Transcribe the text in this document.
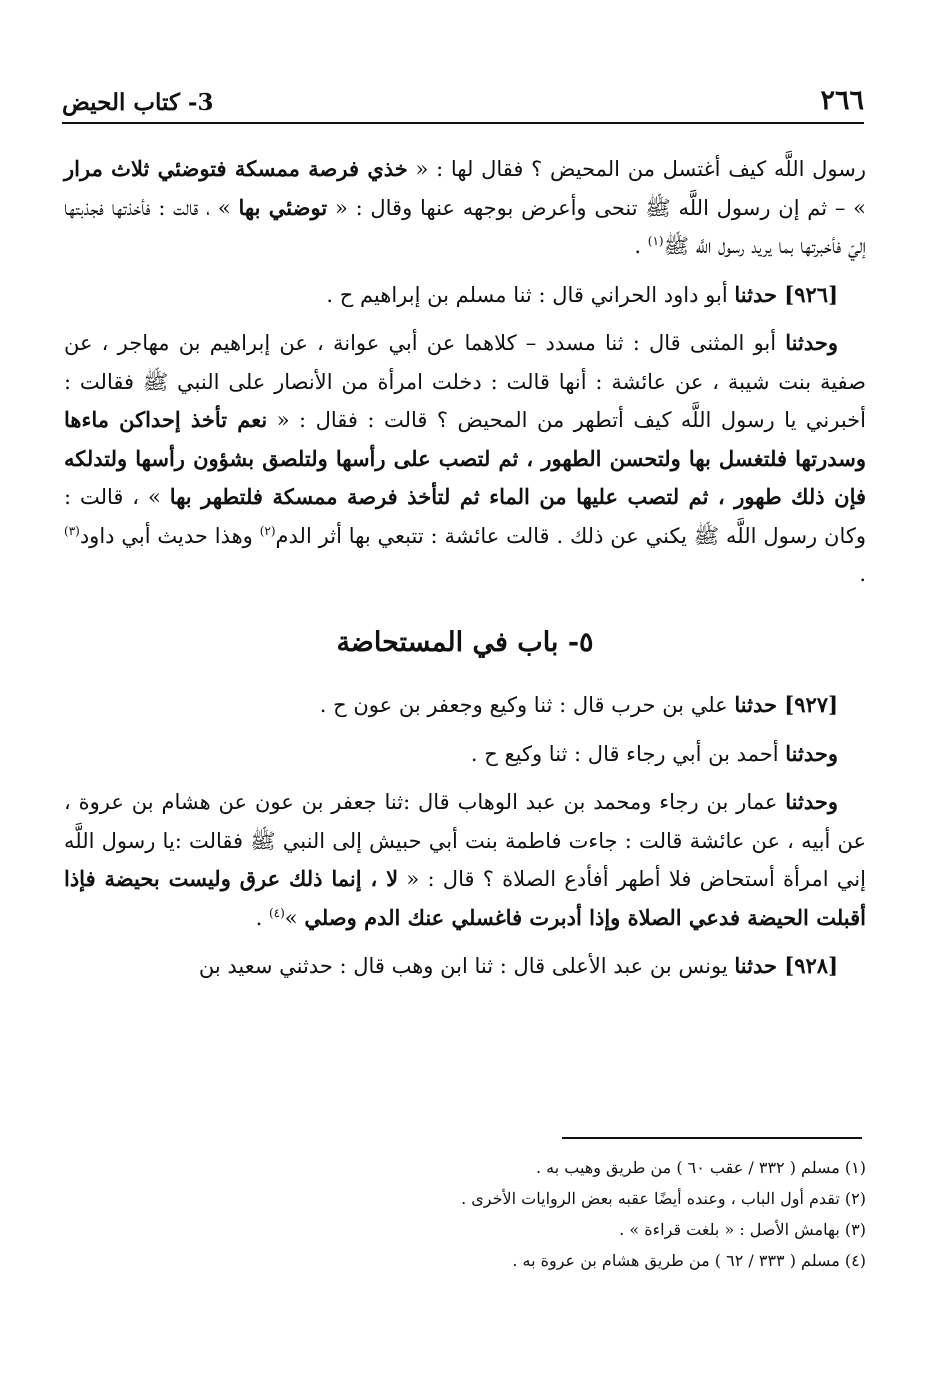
٢٦٦
3- كتاب الحيض

رسول اللَّه كيف أغتسل من المحيض ؟ فقال لها : « خذي فرصة ممسكة فتوضئي ثلاث مرار » – ثم إن رسول اللَّه ﷺ تنحى وأعرض بوجهه عنها وقال : « توضئي بها » ، قالت : فأخذتها فجذبتها إليّ فأخبرتها بما يريد رسول اللَّه ﷺ$^{(١)}$ .

[٩٢٦] حدثنا أبو داود الحراني قال : ثنا مسلم بن إبراهيم ح .

وحدثنا أبو المثنى قال : ثنا مسدد – كلاهما عن أبي عوانة ، عن إبراهيم بن مهاجر ، عن صفية بنت شيبة ، عن عائشة : أنها قالت : دخلت امرأة من الأنصار على النبي ﷺ فقالت : أخبرني يا رسول اللَّه كيف أتطهر من المحيض ؟ قالت : فقال : « نعم تأخذ إحداكن ماءها وسدرتها فلتغسل بها ولتحسن الطهور ، ثم لتصب على رأسها ولتلصق بشؤون رأسها ولتدلكه فإن ذلك طهور ، ثم لتصب عليها من الماء ثم لتأخذ فرصة ممسكة فلتطهر بها » ، قالت : وكان رسول اللَّه ﷺ يكني عن ذلك . قالت عائشة : تتبعي بها أثر الدم$^{(٢)}$ وهذا حديث أبي داود$^{(٣)}$ .

٥- باب في المستحاضة

[٩٢٧] حدثنا علي بن حرب قال : ثنا وكيع وجعفر بن عون ح .

وحدثنا أحمد بن أبي رجاء قال : ثنا وكيع ح .

وحدثنا عمار بن رجاء ومحمد بن عبد الوهاب قال :ثنا جعفر بن عون عن هشام بن عروة ، عن أبيه ، عن عائشة قالت : جاءت فاطمة بنت أبي حبيش إلى النبي ﷺ فقالت :يا رسول اللَّه إني امرأة أستحاض فلا أطهر أفأدع الصلاة ؟ قال : « لا ، إنما ذلك عرق وليست بحيضة فإذا أقبلت الحيضة فدعي الصلاة وإذا أدبرت فاغسلي عنك الدم وصلي »$^{(٤)}$ .

[٩٢٨] حدثنا يونس بن عبد الأعلى قال : ثنا ابن وهب قال : حدثني سعيد بن

(١) مسلم ( ٣٣٢ / عقب ٦٠ ) من طريق وهيب به .

(٢) تقدم أول الباب ، وعنده أيضًا عقبه بعض الروايات الأخرى .

(٣) بهامش الأصل : « بلغت قراءة » .

(٤) مسلم ( ٣٣٣ / ٦٢ ) من طريق هشام بن عروة به .
